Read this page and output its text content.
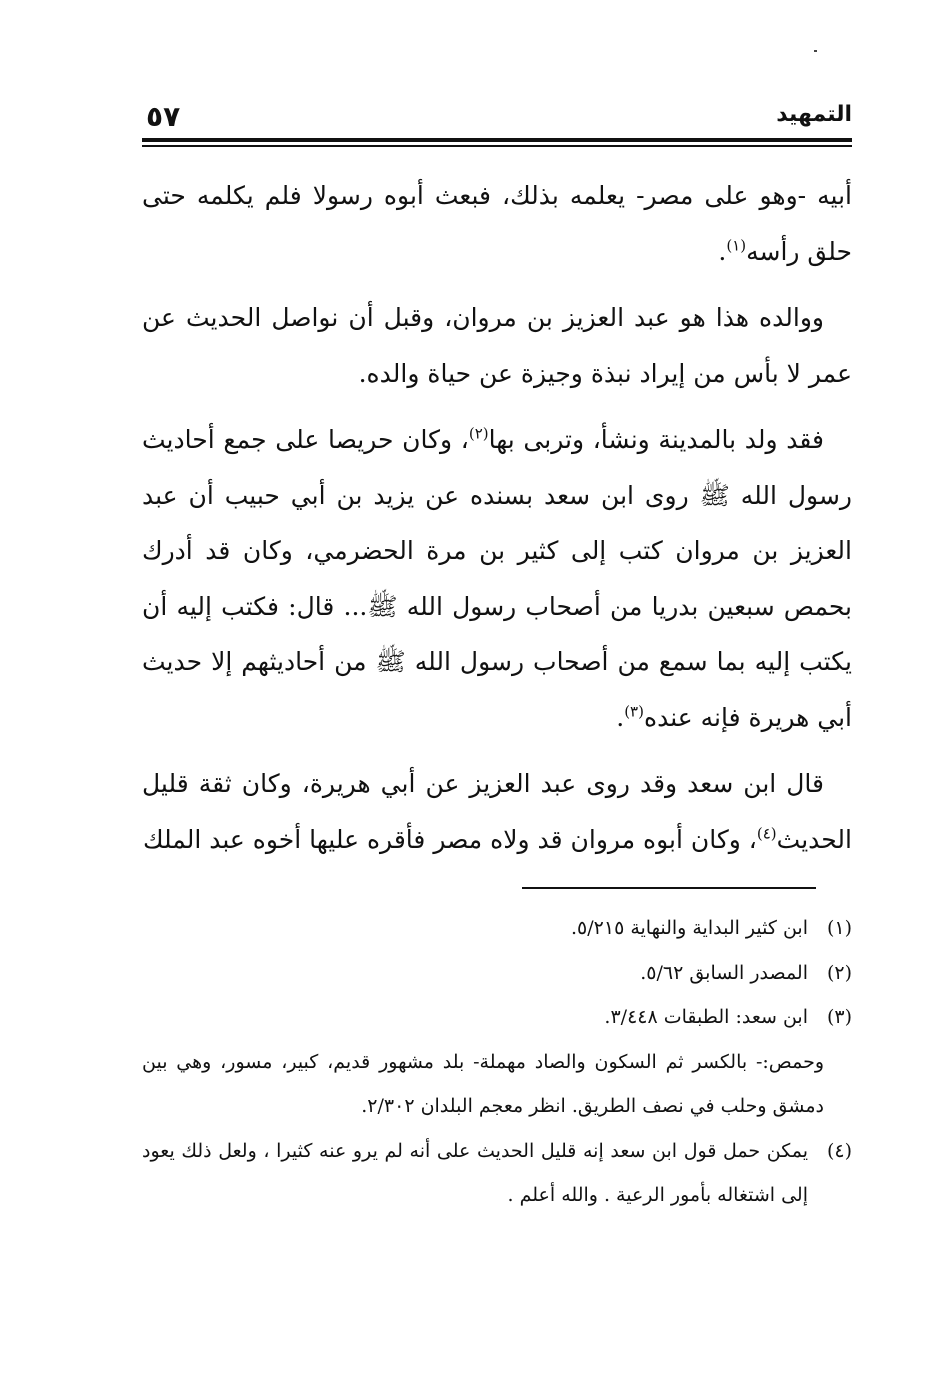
التمهيد
٥٧

أبيه -وهو على مصر- يعلمه بذلك، فبعث أبوه رسولا فلم يكلمه حتى حلق رأسه$^{(١)}$.

ووالده هذا هو عبد العزيز بن مروان، وقبل أن نواصل الحديث عن عمر لا بأس من إيراد نبذة وجيزة عن حياة والده.

فقد ولد بالمدينة ونشأ، وتربى بها$^{(٢)}$، وكان حريصا على جمع أحاديث رسول الله ﷺ روى ابن سعد بسنده عن يزيد بن أبي حبيب أن عبد العزيز بن مروان كتب إلى كثير بن مرة الحضرمي، وكان قد أدرك بحمص سبعين بدريا من أصحاب رسول الله ﷺ... قال: فكتب إليه أن يكتب إليه بما سمع من أصحاب رسول الله ﷺ من أحاديثهم إلا حديث أبي هريرة فإنه عنده$^{(٣)}$.

قال ابن سعد وقد روى عبد العزيز عن أبي هريرة، وكان ثقة قليل الحديث$^{(٤)}$، وكان أبوه مروان قد ولاه مصر فأقره عليها أخوه عبد الملك

(١)
ابن كثير البداية والنهاية ٥/٢١٥.
(٢)
المصدر السابق ٥/٦٢.
(٣)
ابن سعد: الطبقات ٣/٤٤٨.
وحمص:- بالكسر ثم السكون والصاد مهملة- بلد مشهور قديم، كبير، مسور، وهي بين دمشق وحلب في نصف الطريق. انظر معجم البلدان ٢/٣٠٢.
(٤)
يمكن حمل قول ابن سعد إنه قليل الحديث على أنه لم يرو عنه كثيرا ، ولعل ذلك يعود إلى اشتغاله بأمور الرعية . والله أعلم .
